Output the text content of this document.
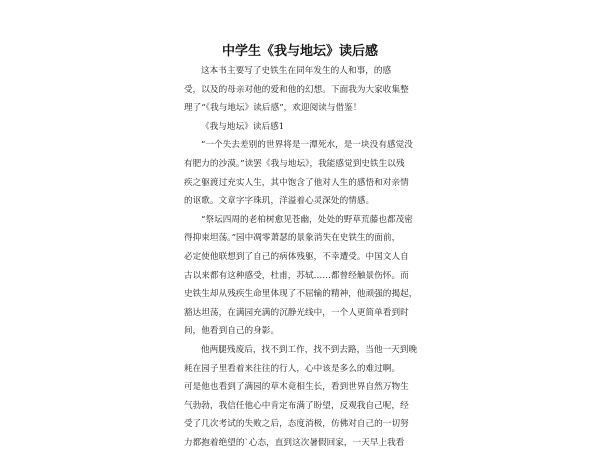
中学生《我与地坛》读后感
这本书主要写了史铁生在同年发生的人和事，的感
受，以及的母亲对他的爱和他的幻想。下面我为大家收集整
理了“《我与地坛》读后感”，欢迎阅读与借鉴！
《我与地坛》读后感1
“一个失去差别的世界将是一潭死水，是一块没有感觉没
有肥力的沙漠。”读罢《我与地坛》，我能感觉到史铁生以残
疾之躯渡过充实人生，其中饱含了他对人生的感悟和对亲情
的讴歌。文章字字珠玑，洋溢着心灵深处的情感。
“祭坛四周的老柏树愈见苍幽，处处的野草荒藤也都茂密
得抑束坦荡。”园中凋零萧瑟的景象消失在史铁生的面前，
必定使他联想到了自己的病体残躯，不幸遭受。中国文人自
古以来都有这种感受，杜甫，苏轼……都曾经触景伤怀。而
史铁生却从残疾生命里体现了不屈输的精神，他顽强的揭起，
豁达坦荡，在满园充满的沉静光线中，一个人更简单看到时
间，他看到自己的身影。
他两腿残废后，找不到工作，找不到去路，当他一天到晚
耗在园子里看着来往往的行人，心中该是多么的难过啊。
可是他也看到了满园的草木竟相生长，看到世界自然万物生
气勃勃，我信任他心中肯定布满了盼望，反观我自己呢，经
受了几次考试的失败之后，态度消极，仿佛对自己的一切努
力都抱着绝望的`心态，直到这次暑假回家，一天早上我看
